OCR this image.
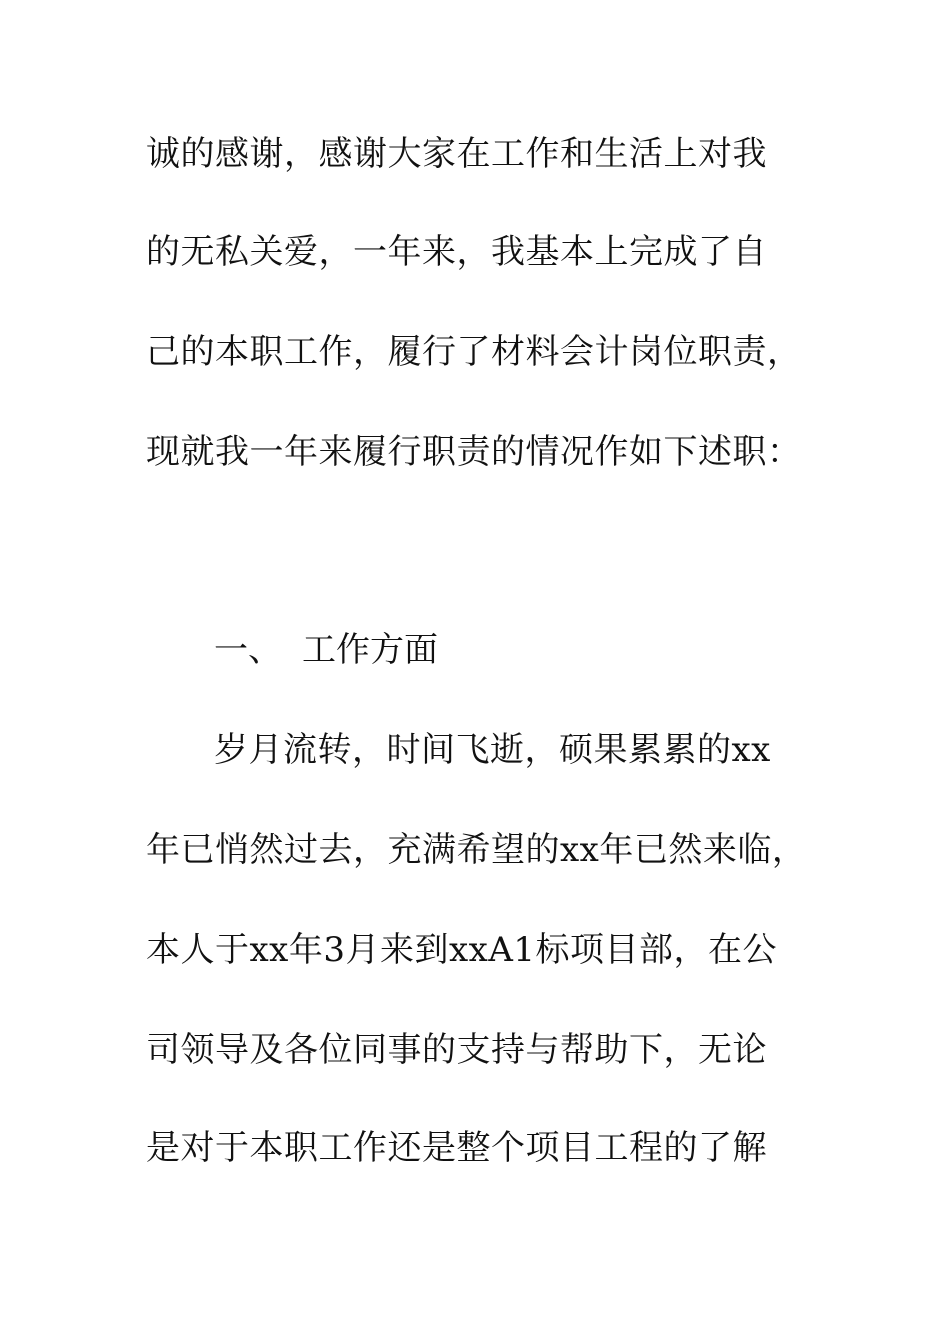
诚的感谢，感谢大家在工作和生活上对我
的无私关爱，一年来，我基本上完成了自
己的本职工作，履行了材料会计岗位职责，
现就我一年来履行职责的情况作如下述职：
一、 工作方面
岁月流转，时间飞逝，硕果累累的xx
年已悄然过去，充满希望的xx年已然来临，
本人于xx年3月来到xxA1标项目部，在公
司领导及各位同事的支持与帮助下，无论
是对于本职工作还是整个项目工程的了解
